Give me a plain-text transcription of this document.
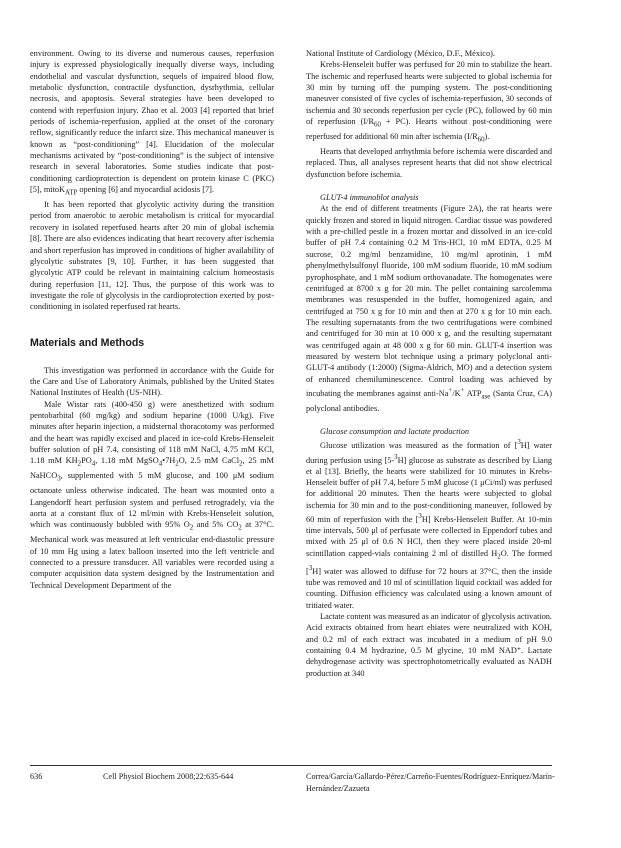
environment. Owing to its diverse and numerous causes, reperfusion injury is expressed physiologically inequally diverse ways, including endothelial and vascular dysfunction, sequels of impaired blood flow, metabolic dysfunction, contractile dysfunction, dysrhythmia, cellular necrosis, and apoptosis. Several strategies have been developed to contend with reperfusion injury. Zhao et al. 2003 [4] reported that brief periods of ischemia-reperfusion, applied at the onset of the coronary reflow, significantly reduce the infarct size. This mechanical maneuver is known as “post-conditioning” [4]. Elucidation of the molecular mechanisms activated by “post-conditioning” is the subject of intensive research in several laboratories. Some studies indicate that post-conditioning cardioprotection is dependent on protein kinase C (PKC) [5], mitoK$_{ATP}$ opening [6] and myocardial acidosis [7].

It has been reported that glycolytic activity during the transition period from anaerobic to aerobic metabolism is critical for myocardial recovery in isolated reperfused hearts after 20 min of global ischemia [8]. There are also evidences indicating that heart recovery after ischemia and short reperfusion has improved in conditions of higher availability of glycolytic substrates [9, 10]. Further, it has been suggested that glycolytic ATP could be relevant in maintaining calcium homeostasis during reperfusion [11, 12]. Thus, the purpose of this work was to investigate the role of glycolysis in the cardioprotection exerted by post-conditioning in isolated reperfused rat hearts.

Materials and Methods

This investigation was performed in accordance with the Guide for the Care and Use of Laboratory Animals, published by the United States National Institutes of Health (US-NIH).

Male Wistar rats (400-450 g) were anesthetized with sodium pentobarbital (60 mg/kg) and sodium heparine (1000 U/kg). Five minutes after heparin injection, a midsternal thoracotomy was performed and the heart was rapidly excised and placed in ice-cold Krebs-Henseleit buffer solution of pH 7.4, consisting of 118 mM NaCl, 4.75 mM KCl, 1.18 mM $KH_2PO_4$, 1.18 mM $MgSO_4•7H_2O$, 2.5 mM CaCl$_2$, 25 mM NaHCO$_3$, supplemented with 5 mM glucose, and 100 μM sodium octanoate unless otherwise indicated. The heart was mounted onto a Langendorff heart perfusion system and perfused retrogradely, via the aorta at a constant flux of 12 ml/min with Krebs-Henseleit solution, which was continuously bubbled with 95% $O_2$ and 5% $CO_2$ at 37°C. Mechanical work was measured at left ventricular end-diastolic pressure of 10 mm Hg using a latex balloon inserted into the left ventricle and connected to a pressure transducer. All variables were recorded using a computer acquisition data system designed by the Instrumentation and Technical Development Department of the

National Institute of Cardiology (México, D.F., México).

Krebs-Henseleit buffer was perfused for 20 min to stabilize the heart. The ischemic and reperfused hearts were subjected to global ischemia for 30 min by turning off the pumping system. The post-conditioning maneuver consisted of five cycles of ischemia-reperfusion, 30 seconds of ischemia and 30 seconds reperfusion per cycle (PC), followed by 60 min of reperfusion $(I/R_{60} + PC)$. Hearts without post-conditioning were reperfused for additional 60 min after ischemia $(I/R_{60})$.

Hearts that developed arrhythmia before ischemia were discarded and replaced. Thus, all analyses represent hearts that did not show electrical dysfunction before ischemia.

GLUT-4 immunoblot analysis

At the end of different treatments (Figure 2A), the rat hearts were quickly frozen and stored in liquid nitrogen. Cardiac tissue was powdered with a pre-chilled pestle in a frozen mortar and dissolved in an ice-cold buffer of pH 7.4 containing 0.2 M Tris-HCl, 10 mM EDTA, 0.25 M sucrose, 0.2 mg/ml benzamidine, 10 mg/ml aprotinin, 1 mM phenylmethylsulfonyl fluoride, 100 mM sodium fluoride, 10 mM sodium pyrophosphate, and 1 mM sodium orthovanadate. The homogenates were centrifuged at 8700 x g for 20 min. The pellet containing sarcolemma membranes was resuspended in the buffer, homogenized again, and centrifuged at 750 x g for 10 min and then at 270 x g for 10 min each. The resulting supernatants from the two centrifugations were combined and centrifuged for 30 min at 10 000 x g, and the resulting supernatant was centrifuged again at 48 000 x g for 60 min. GLUT-4 insertion was measured by western blot technique using a primary polyclonal anti-GLUT-4 antibody (1:2000) (Sigma-Aldrich, MO) and a detection system of enhanced chemiluminescence. Control loading was achieved by incubating the membranes against anti-Na+/K+ $ATP_{ase}$ (Santa Cruz, CA) polyclonal antibodies.

Glucose consumption and lactate production

Glucose utilization was measured as the formation of [$^3$H] water during perfusion using [5-$^3$H] glucose as substrate as described by Liang et al [13]. Briefly, the hearts were stabilized for 10 minutes in Krebs-Henseleit buffer of pH 7.4, before 5 mM glucose (1 μCi/ml) was perfused for additional 20 minutes. Then the hearts were subjected to global ischemia for 30 min and to the post-conditioning maneuver, followed by 60 min of reperfusion with the [$^3$H] Krebs-Henseleit Buffer. At 10-min time intervals, 500 μl of perfusate were collected in Eppendorf tubes and mixed with 25 μl of 0.6 N HCl, then they were placed inside 20-ml scintillation capped-vials containing 2 ml of distilled $H_2O$. The formed [$^3$H] water was allowed to diffuse for 72 hours at 37°C, then the inside tube was removed and 10 ml of scintillation liquid cocktail was added for counting. Diffusion efficiency was calculated using a known amount of tritiated water.

Lactate content was measured as an indicator of glycolysis activation. Acid extracts obtained from heart ehiates were neutralized with KOH, and 0.2 ml of each extract was incubated in a medium of pH 9.0 containing 0.4 M hydrazine, 0.5 M glycine, 10 mM NAD⁺. Lactate dehydrogenase activity was spectrophotometrically evaluated as NADH production at 340

636	Cell Physiol Biochem 2008;22:635-644	Correa/García/Gallardo-Pérez/Carreño-Fuentes/Rodríguez-Enríquez/Marín-Hernández/Zazueta
